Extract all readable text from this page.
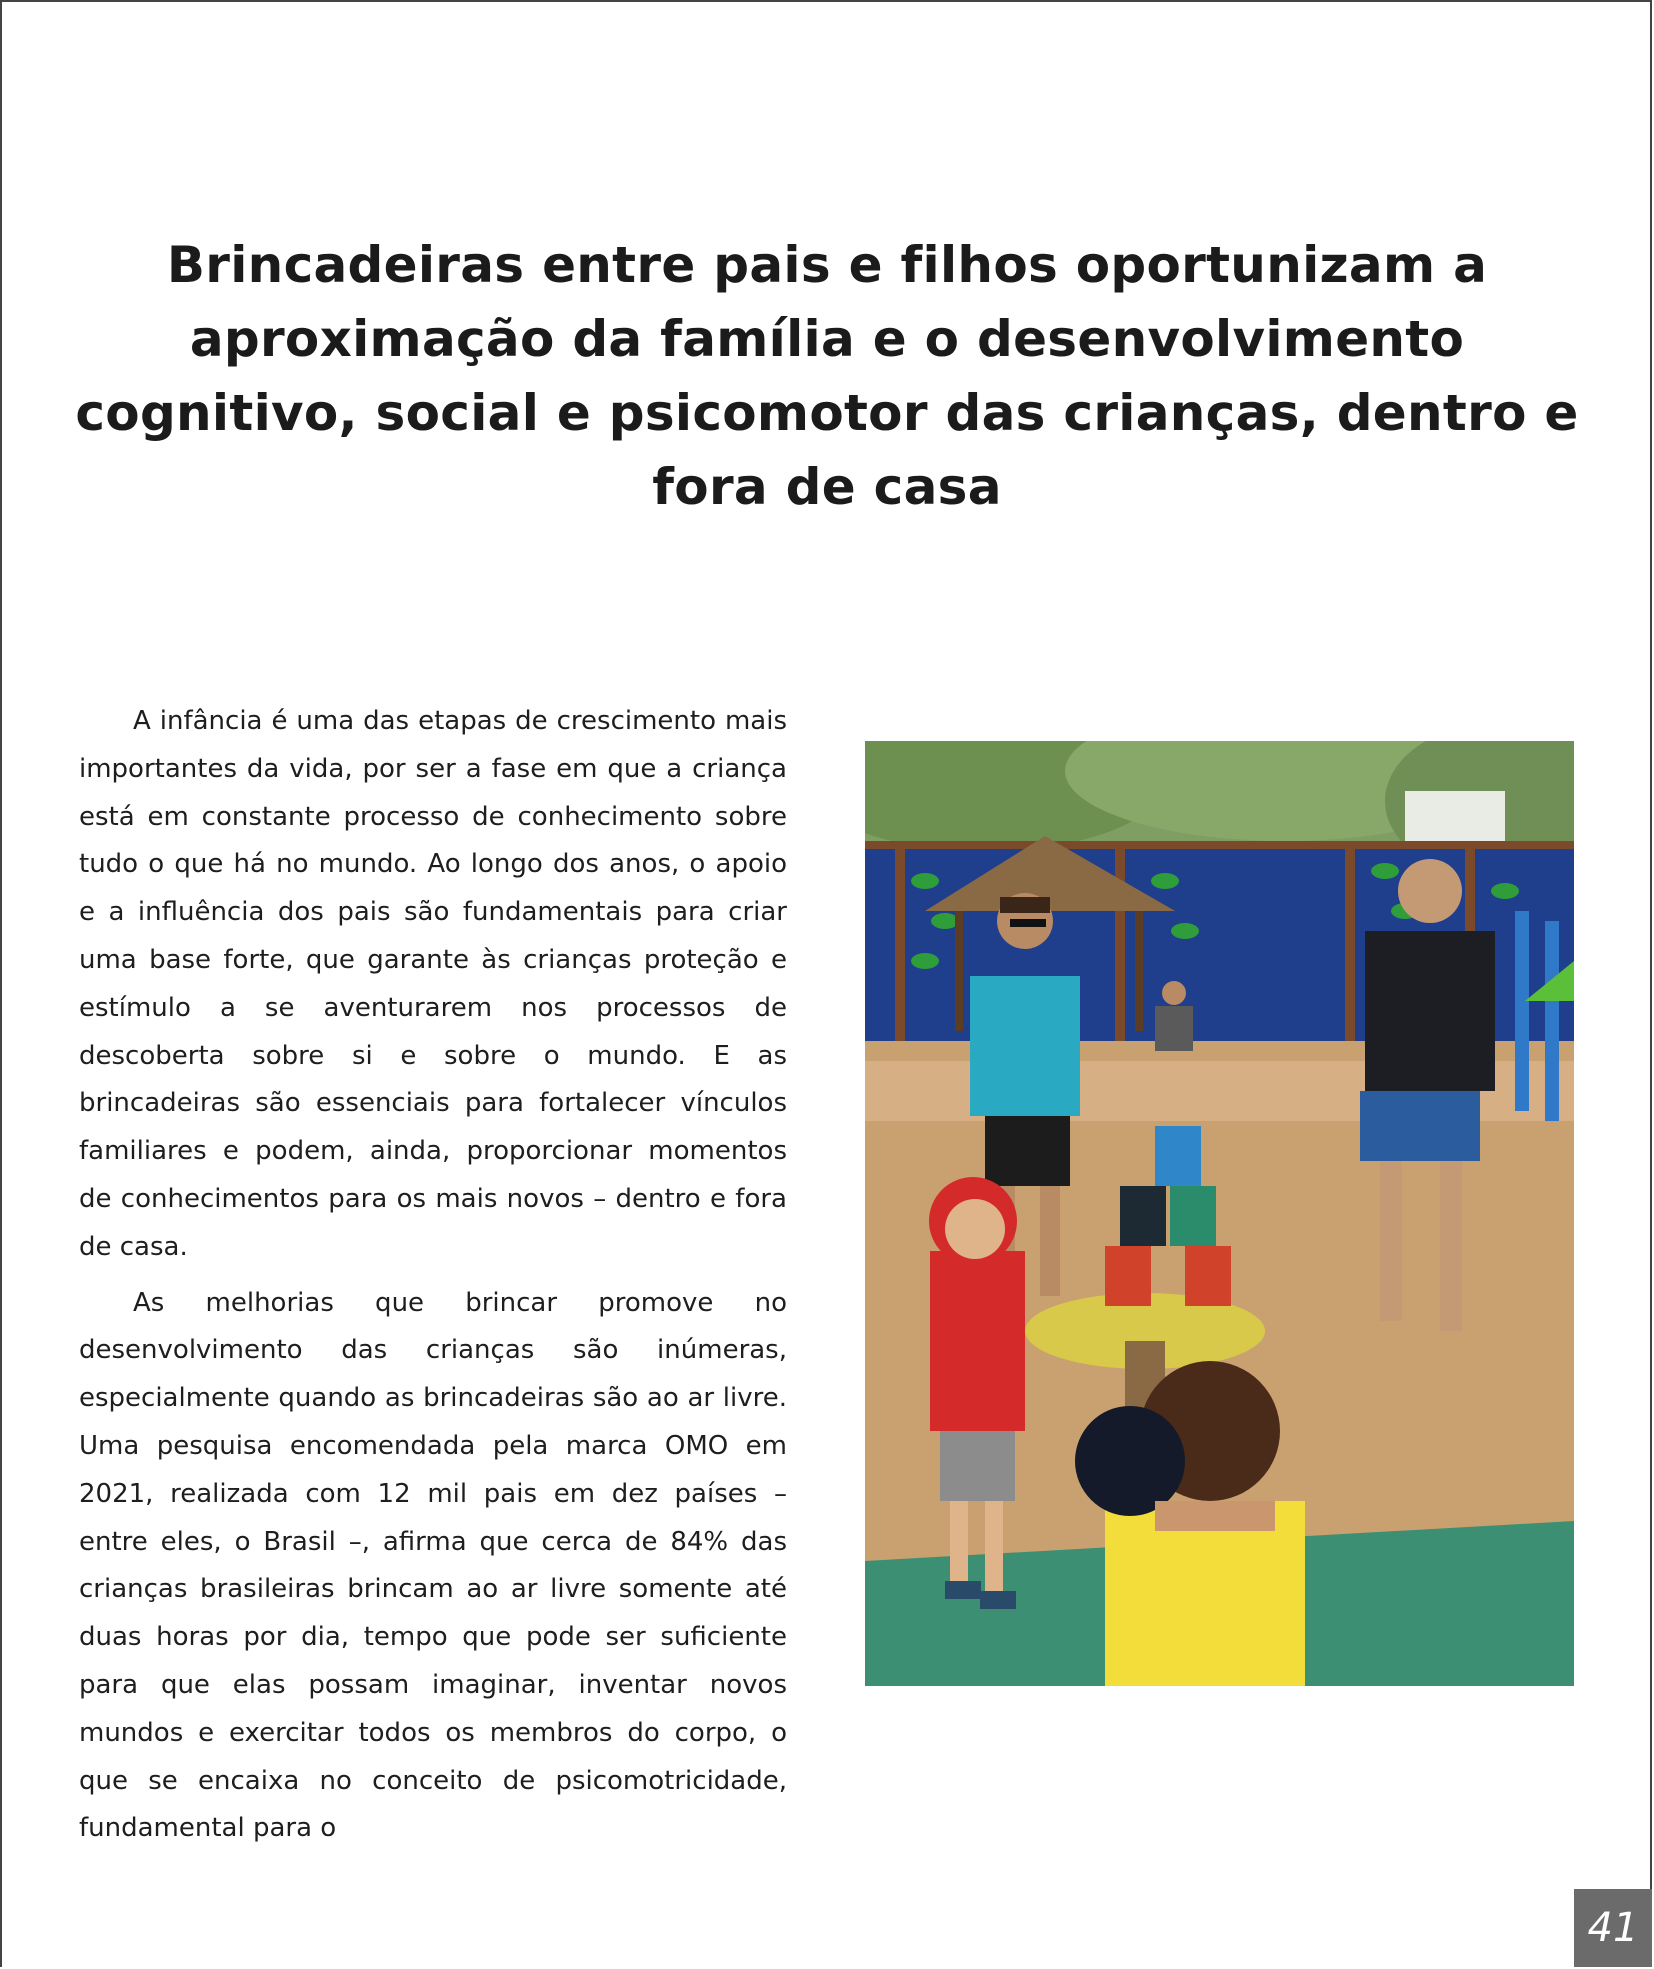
Brincadeiras entre pais e filhos oportunizam a aproximação da família e o desenvolvimento cognitivo, social e psicomotor das crianças, dentro e fora de casa

A infância é uma das etapas de crescimento mais importantes da vida, por ser a fase em que a criança está em constante processo de conhecimento sobre tudo o que há no mundo. Ao longo dos anos, o apoio e a influência dos pais são fundamentais para criar uma base forte, que garante às crianças proteção e estímulo a se aventurarem nos processos de descoberta sobre si e sobre o mundo. E as brincadeiras são essenciais para fortalecer vínculos familiares e podem, ainda, proporcionar momentos de conhecimentos para os mais novos – dentro e fora de casa.

As melhorias que brincar promove no desenvolvimento das crianças são inúmeras, especialmente quando as brincadeiras são ao ar livre. Uma pesquisa encomendada pela marca OMO em 2021, realizada com 12 mil pais em dez países – entre eles, o Brasil –, afirma que cerca de 84% das crianças brasileiras brincam ao ar livre somente até duas horas por dia, tempo que pode ser suficiente para que elas possam imaginar, inventar novos mundos e exercitar todos os membros do corpo, o que se encaixa no conceito de psicomotricidade, fundamental para o

41
